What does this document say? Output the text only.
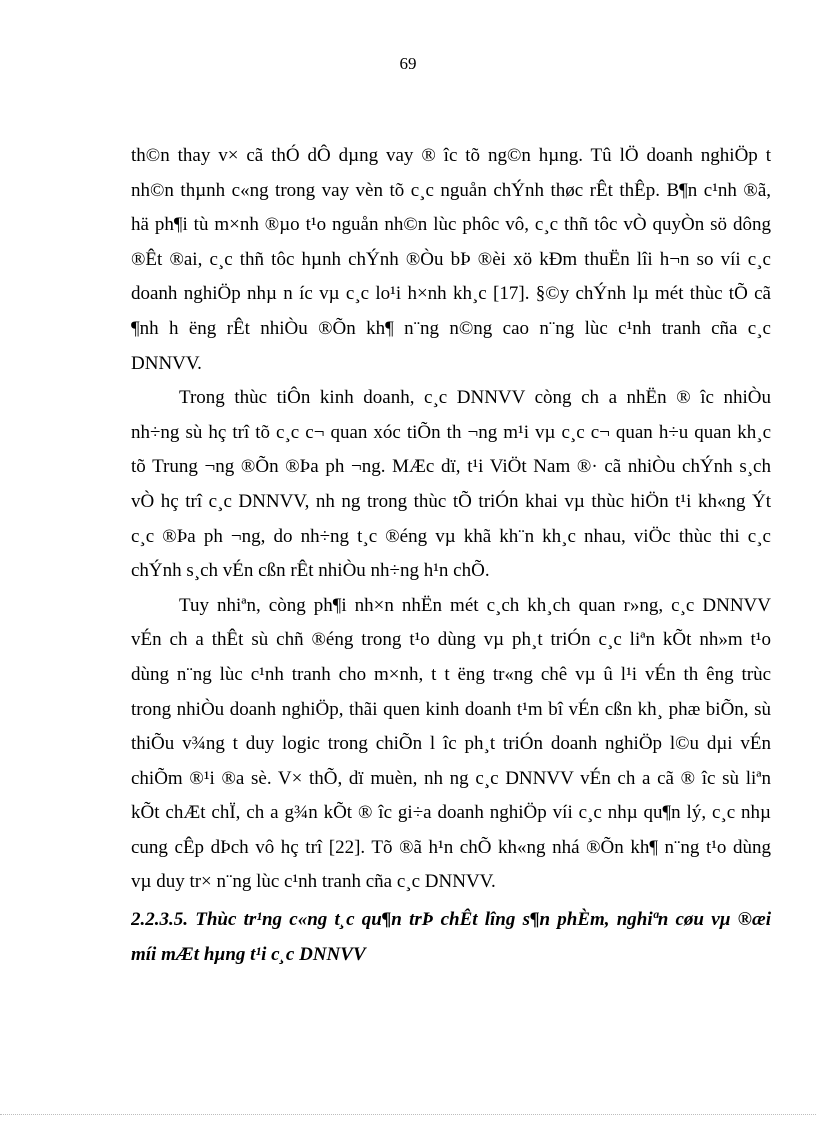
69
th©n thay v× cã thÓ dÔ dµng vay ® îc tõ ng©n hµng. Tû lÖ doanh nghiÖp t
nh©n thµnh c«ng trong vay vèn tõ c¸c nguån chÝnh thøc rÊt thÊp. B¶n c¹nh ®ã,
hä ph¶i tù m×nh ®µo t¹o nguån nh©n lùc phôc vô, c¸c thñ tôc vÒ quyÒn sö dông
®Êt ®ai, c¸c thñ tôc hµnh chÝnh ®Òu bÞ ®èi xö kÐm thuËn lîi h¬n so víi c¸c
doanh nghiÖp nhµ n íc vµ c¸c lo¹i h×nh kh¸c [17]. §©y chÝnh lµ mét thùc tÕ cã
¶nh h ëng rÊt nhiÒu ®Õn kh¶ n¨ng n©ng cao n¨ng lùc c¹nh tranh cña c¸c
DNNVV.
Trong thùc tiÔn kinh doanh, c¸c DNNVV còng ch a nhËn ® îc nhiÒu
nh÷ng sù hç trî tõ c¸c c¬ quan xóc tiÕn th ¬ng m¹i vµ c¸c c¬ quan h÷u quan kh¸c
tõ Trung ¬ng ®Õn ®Þa ph ¬ng. MÆc dï, t¹i ViÖt Nam ®· cã nhiÒu chÝnh s¸ch
vÒ hç trî c¸c DNNVV, nh ng trong thùc tÕ triÓn khai vµ thùc hiÖn t¹i kh«ng Ýt
c¸c ®Þa ph ¬ng, do nh÷ng t¸c ®éng vµ khã kh¨n kh¸c nhau, viÖc thùc thi c¸c
chÝnh s¸ch vÉn cßn rÊt nhiÒu nh÷ng h¹n chÕ.
Tuy nhiªn, còng ph¶i nh×n nhËn mét c¸ch kh¸ch quan r»ng, c¸c DNNVV
vÉn ch a thÊt sù chñ ®éng trong t¹o dùng vµ ph¸t triÓn c¸c liªn kÕt nh»m t¹o
dùng n¨ng lùc c¹nh tranh cho m×nh, t t ëng tr«ng chê vµ û l¹i vÉn th êng trùc
trong nhiÒu doanh nghiÖp, thãi quen kinh doanh t¹m bî vÉn cßn kh¸ phæ biÕn, sù
thiÕu v¾ng t duy logic trong chiÕn l îc ph¸t triÓn doanh nghiÖp l©u dµi vÉn
chiÕm ®¹i ®a sè. V× thÕ, dï muèn, nh ng c¸c DNNVV vÉn ch a cã ® îc sù liªn
kÕt chÆt chÏ, ch a g¾n kÕt ® îc gi÷a doanh nghiÖp víi c¸c nhµ qu¶n lý, c¸c nhµ
cung cÊp dÞch vô hç trî [22]. Tõ ®ã h¹n chÕ kh«ng nhá ®Õn kh¶ n¨ng t¹o dùng
vµ duy tr× n¨ng lùc c¹nh tranh cña c¸c DNNVV.
2.2.3.5. Thùc tr¹ng c«ng t¸c qu¶n trÞ chÊt lîng s¶n phÈm, nghiªn cøu vµ ®æi
míi mÆt hµng t¹i c¸c DNNVV
